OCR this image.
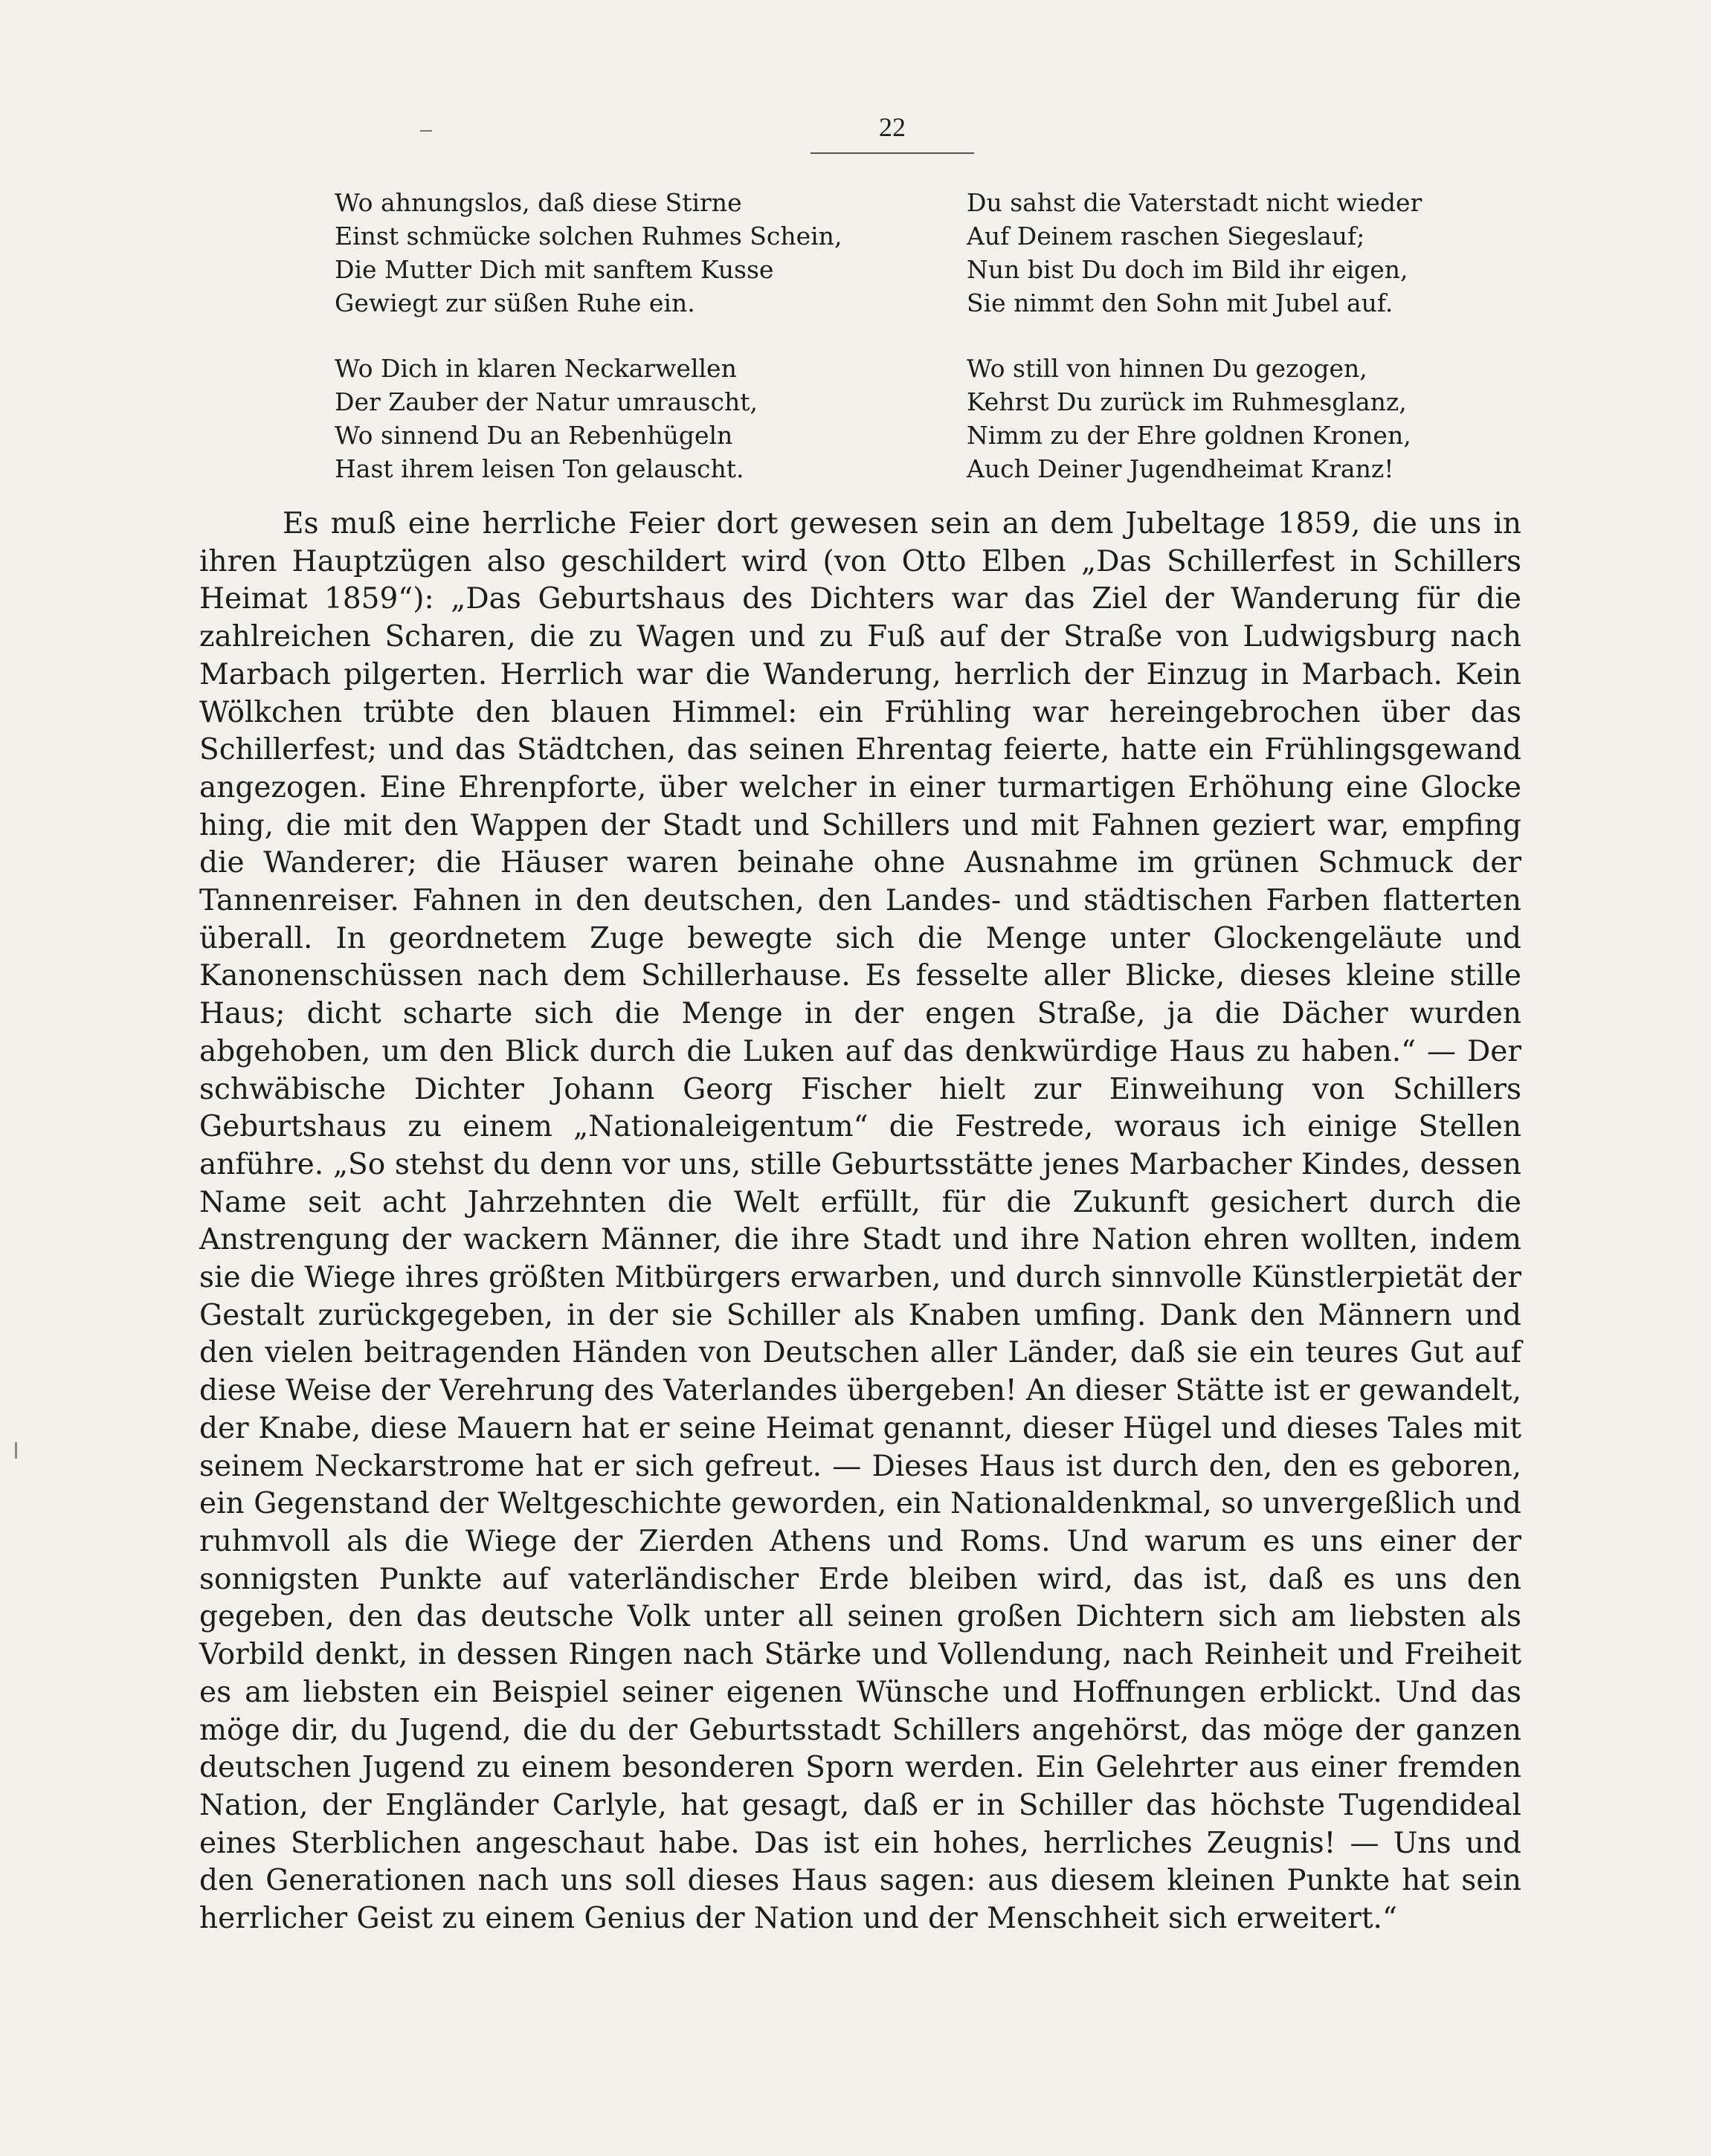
22
Wo ahnungslos, daß diese Stirne
Einst schmücke solchen Ruhmes Schein,
Die Mutter Dich mit sanftem Kusse
Gewiegt zur süßen Ruhe ein.
Wo Dich in klaren Neckarwellen
Der Zauber der Natur umrauscht,
Wo sinnend Du an Rebenhügeln
Hast ihrem leisen Ton gelauscht.
Du sahst die Vaterstadt nicht wieder
Auf Deinem raschen Siegeslauf;
Nun bist Du doch im Bild ihr eigen,
Sie nimmt den Sohn mit Jubel auf.
Wo still von hinnen Du gezogen,
Kehrst Du zurück im Ruhmesglanz,
Nimm zu der Ehre goldnen Kronen,
Auch Deiner Jugendheimat Kranz!

Es muß eine herrliche Feier dort gewesen sein an dem Jubeltage 1859, die uns in ihren Hauptzügen also geschildert wird (von Otto Elben „Das Schillerfest in Schillers Heimat 1859“): „Das Geburtshaus des Dichters war das Ziel der Wanderung für die zahlreichen Scharen, die zu Wagen und zu Fuß auf der Straße von Ludwigsburg nach Marbach pilgerten. Herrlich war die Wanderung, herrlich der Einzug in Marbach. Kein Wölkchen trübte den blauen Himmel: ein Frühling war hereingebrochen über das Schillerfest; und das Städtchen, das seinen Ehrentag feierte, hatte ein Frühlingsgewand angezogen. Eine Ehrenpforte, über welcher in einer turmartigen Erhöhung eine Glocke hing, die mit den Wappen der Stadt und Schillers und mit Fahnen geziert war, empfing die Wanderer; die Häuser waren beinahe ohne Ausnahme im grünen Schmuck der Tannenreiser. Fahnen in den deutschen, den Landes- und städtischen Farben flatterten überall. In geordnetem Zuge bewegte sich die Menge unter Glockengeläute und Kanonenschüssen nach dem Schillerhause. Es fesselte aller Blicke, dieses kleine stille Haus; dicht scharte sich die Menge in der engen Straße, ja die Dächer wurden abgehoben, um den Blick durch die Luken auf das denkwürdige Haus zu haben.“ — Der schwäbische Dichter Johann Georg Fischer hielt zur Einweihung von Schillers Geburtshaus zu einem „Nationaleigentum“ die Festrede, woraus ich einige Stellen anführe. „So stehst du denn vor uns, stille Geburtsstätte jenes Marbacher Kindes, dessen Name seit acht Jahrzehnten die Welt erfüllt, für die Zukunft gesichert durch die Anstrengung der wackern Männer, die ihre Stadt und ihre Nation ehren wollten, indem sie die Wiege ihres größten Mitbürgers erwarben, und durch sinnvolle Künstlerpietät der Gestalt zurückgegeben, in der sie Schiller als Knaben umfing. Dank den Männern und den vielen beitragenden Händen von Deutschen aller Länder, daß sie ein teures Gut auf diese Weise der Verehrung des Vaterlandes übergeben! An dieser Stätte ist er gewandelt, der Knabe, diese Mauern hat er seine Heimat genannt, dieser Hügel und dieses Tales mit seinem Neckarstrome hat er sich gefreut. — Dieses Haus ist durch den, den es geboren, ein Gegenstand der Weltgeschichte geworden, ein Nationaldenkmal, so unvergeßlich und ruhmvoll als die Wiege der Zierden Athens und Roms. Und warum es uns einer der sonnigsten Punkte auf vaterländischer Erde bleiben wird, das ist, daß es uns den gegeben, den das deutsche Volk unter all seinen großen Dichtern sich am liebsten als Vorbild denkt, in dessen Ringen nach Stärke und Vollendung, nach Reinheit und Freiheit es am liebsten ein Beispiel seiner eigenen Wünsche und Hoffnungen erblickt. Und das möge dir, du Jugend, die du der Geburtsstadt Schillers angehörst, das möge der ganzen deutschen Jugend zu einem besonderen Sporn werden. Ein Gelehrter aus einer fremden Nation, der Engländer Carlyle, hat gesagt, daß er in Schiller das höchste Tugendideal eines Sterblichen angeschaut habe. Das ist ein hohes, herrliches Zeugnis! — Uns und den Generationen nach uns soll dieses Haus sagen: aus diesem kleinen Punkte hat sein herrlicher Geist zu einem Genius der Nation und der Menschheit sich erweitert.“
